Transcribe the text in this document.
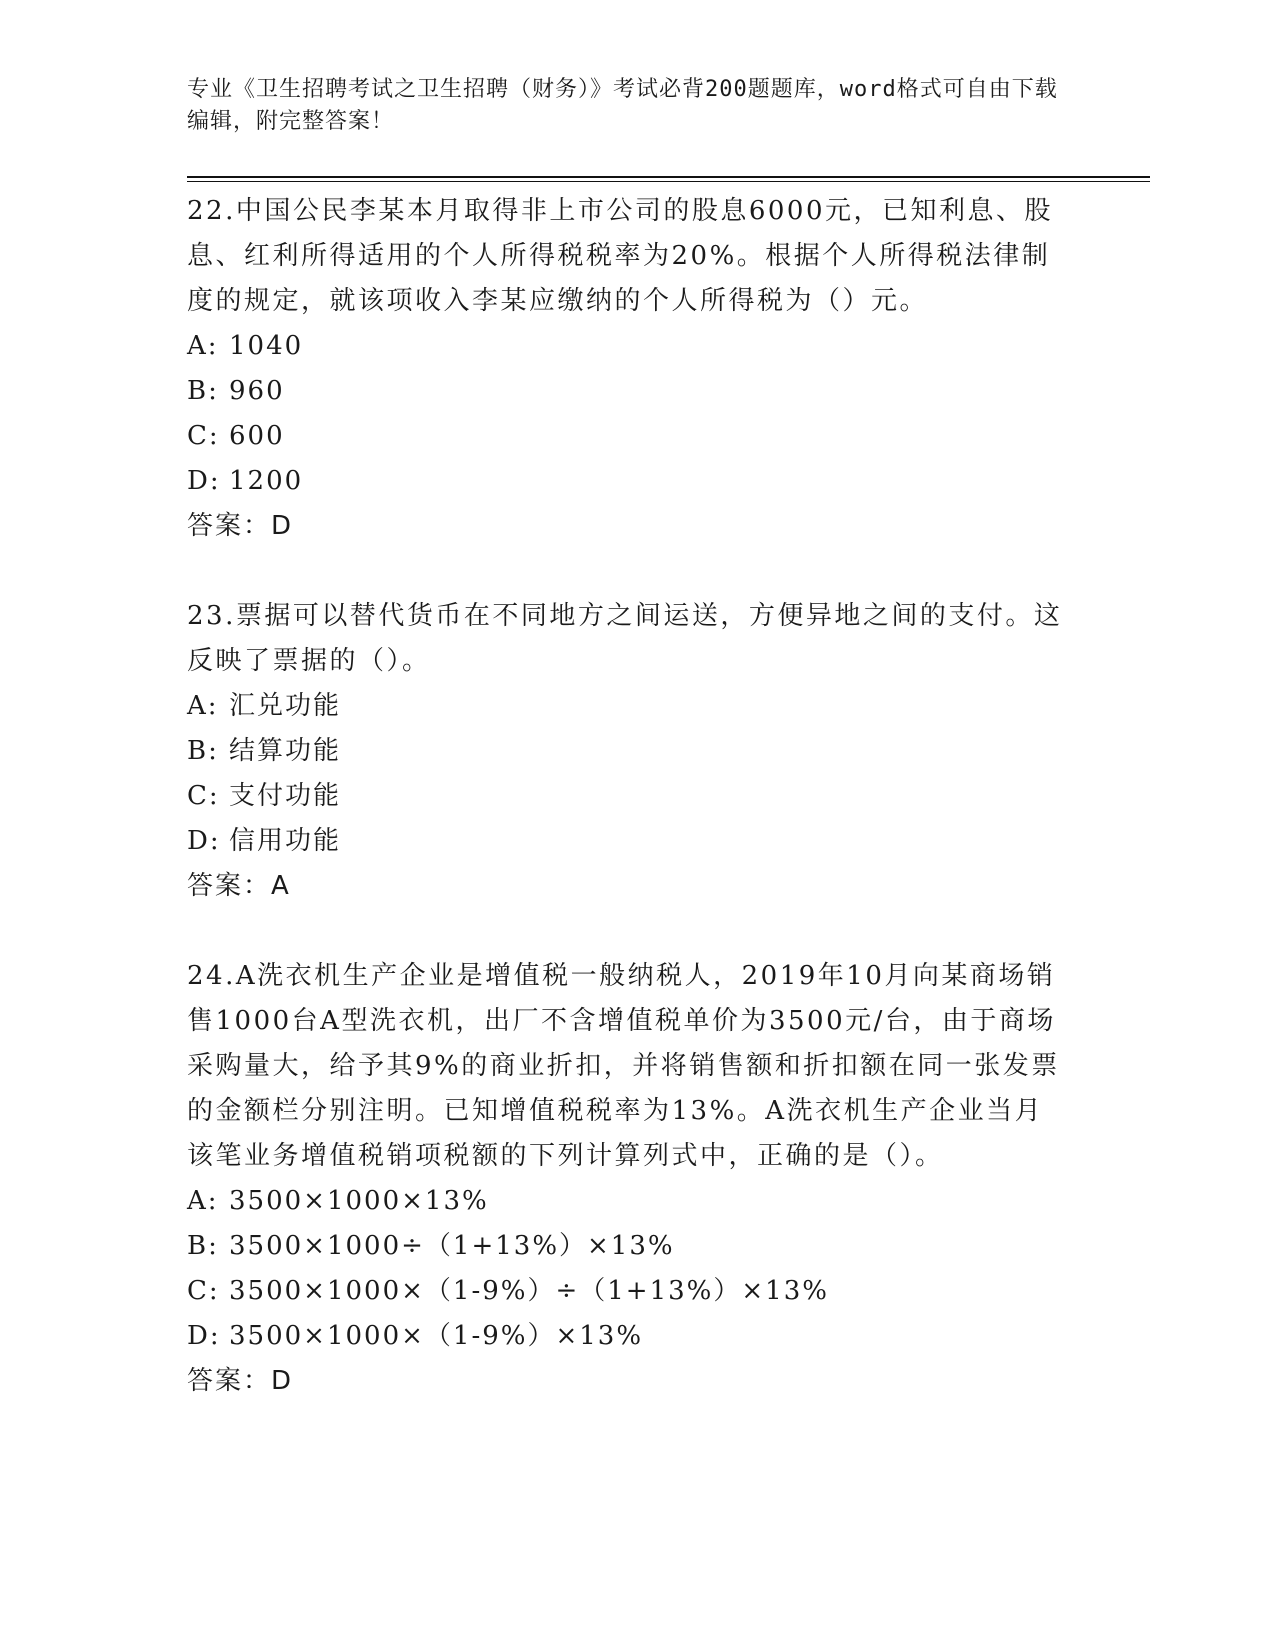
专业《卫生招聘考试之卫生招聘（财务）》考试必背200题题库，word格式可自由下载编辑，附完整答案！

22.中国公民李某本月取得非上市公司的股息6000元，已知利息、股息、红利所得适用的个人所得税税率为20%。根据个人所得税法律制度的规定，就该项收入李某应缴纳的个人所得税为（）元。

A: 1040

B: 960

C: 600

D: 1200

答案：D

23.票据可以替代货币在不同地方之间运送，方便异地之间的支付。这反映了票据的（）。

A: 汇兑功能

B: 结算功能

C: 支付功能

D: 信用功能

答案：A

24.A洗衣机生产企业是增值税一般纳税人，2019年10月向某商场销售1000台A型洗衣机，出厂不含增值税单价为3500元/台，由于商场采购量大，给予其9%的商业折扣，并将销售额和折扣额在同一张发票的金额栏分别注明。已知增值税税率为13%。A洗衣机生产企业当月该笔业务增值税销项税额的下列计算列式中，正确的是（）。

A: 3500×1000×13%

B: 3500×1000÷（1+13%）×13%

C: 3500×1000×（1-9%）÷（1+13%）×13%

D: 3500×1000×（1-9%）×13%

答案：D
